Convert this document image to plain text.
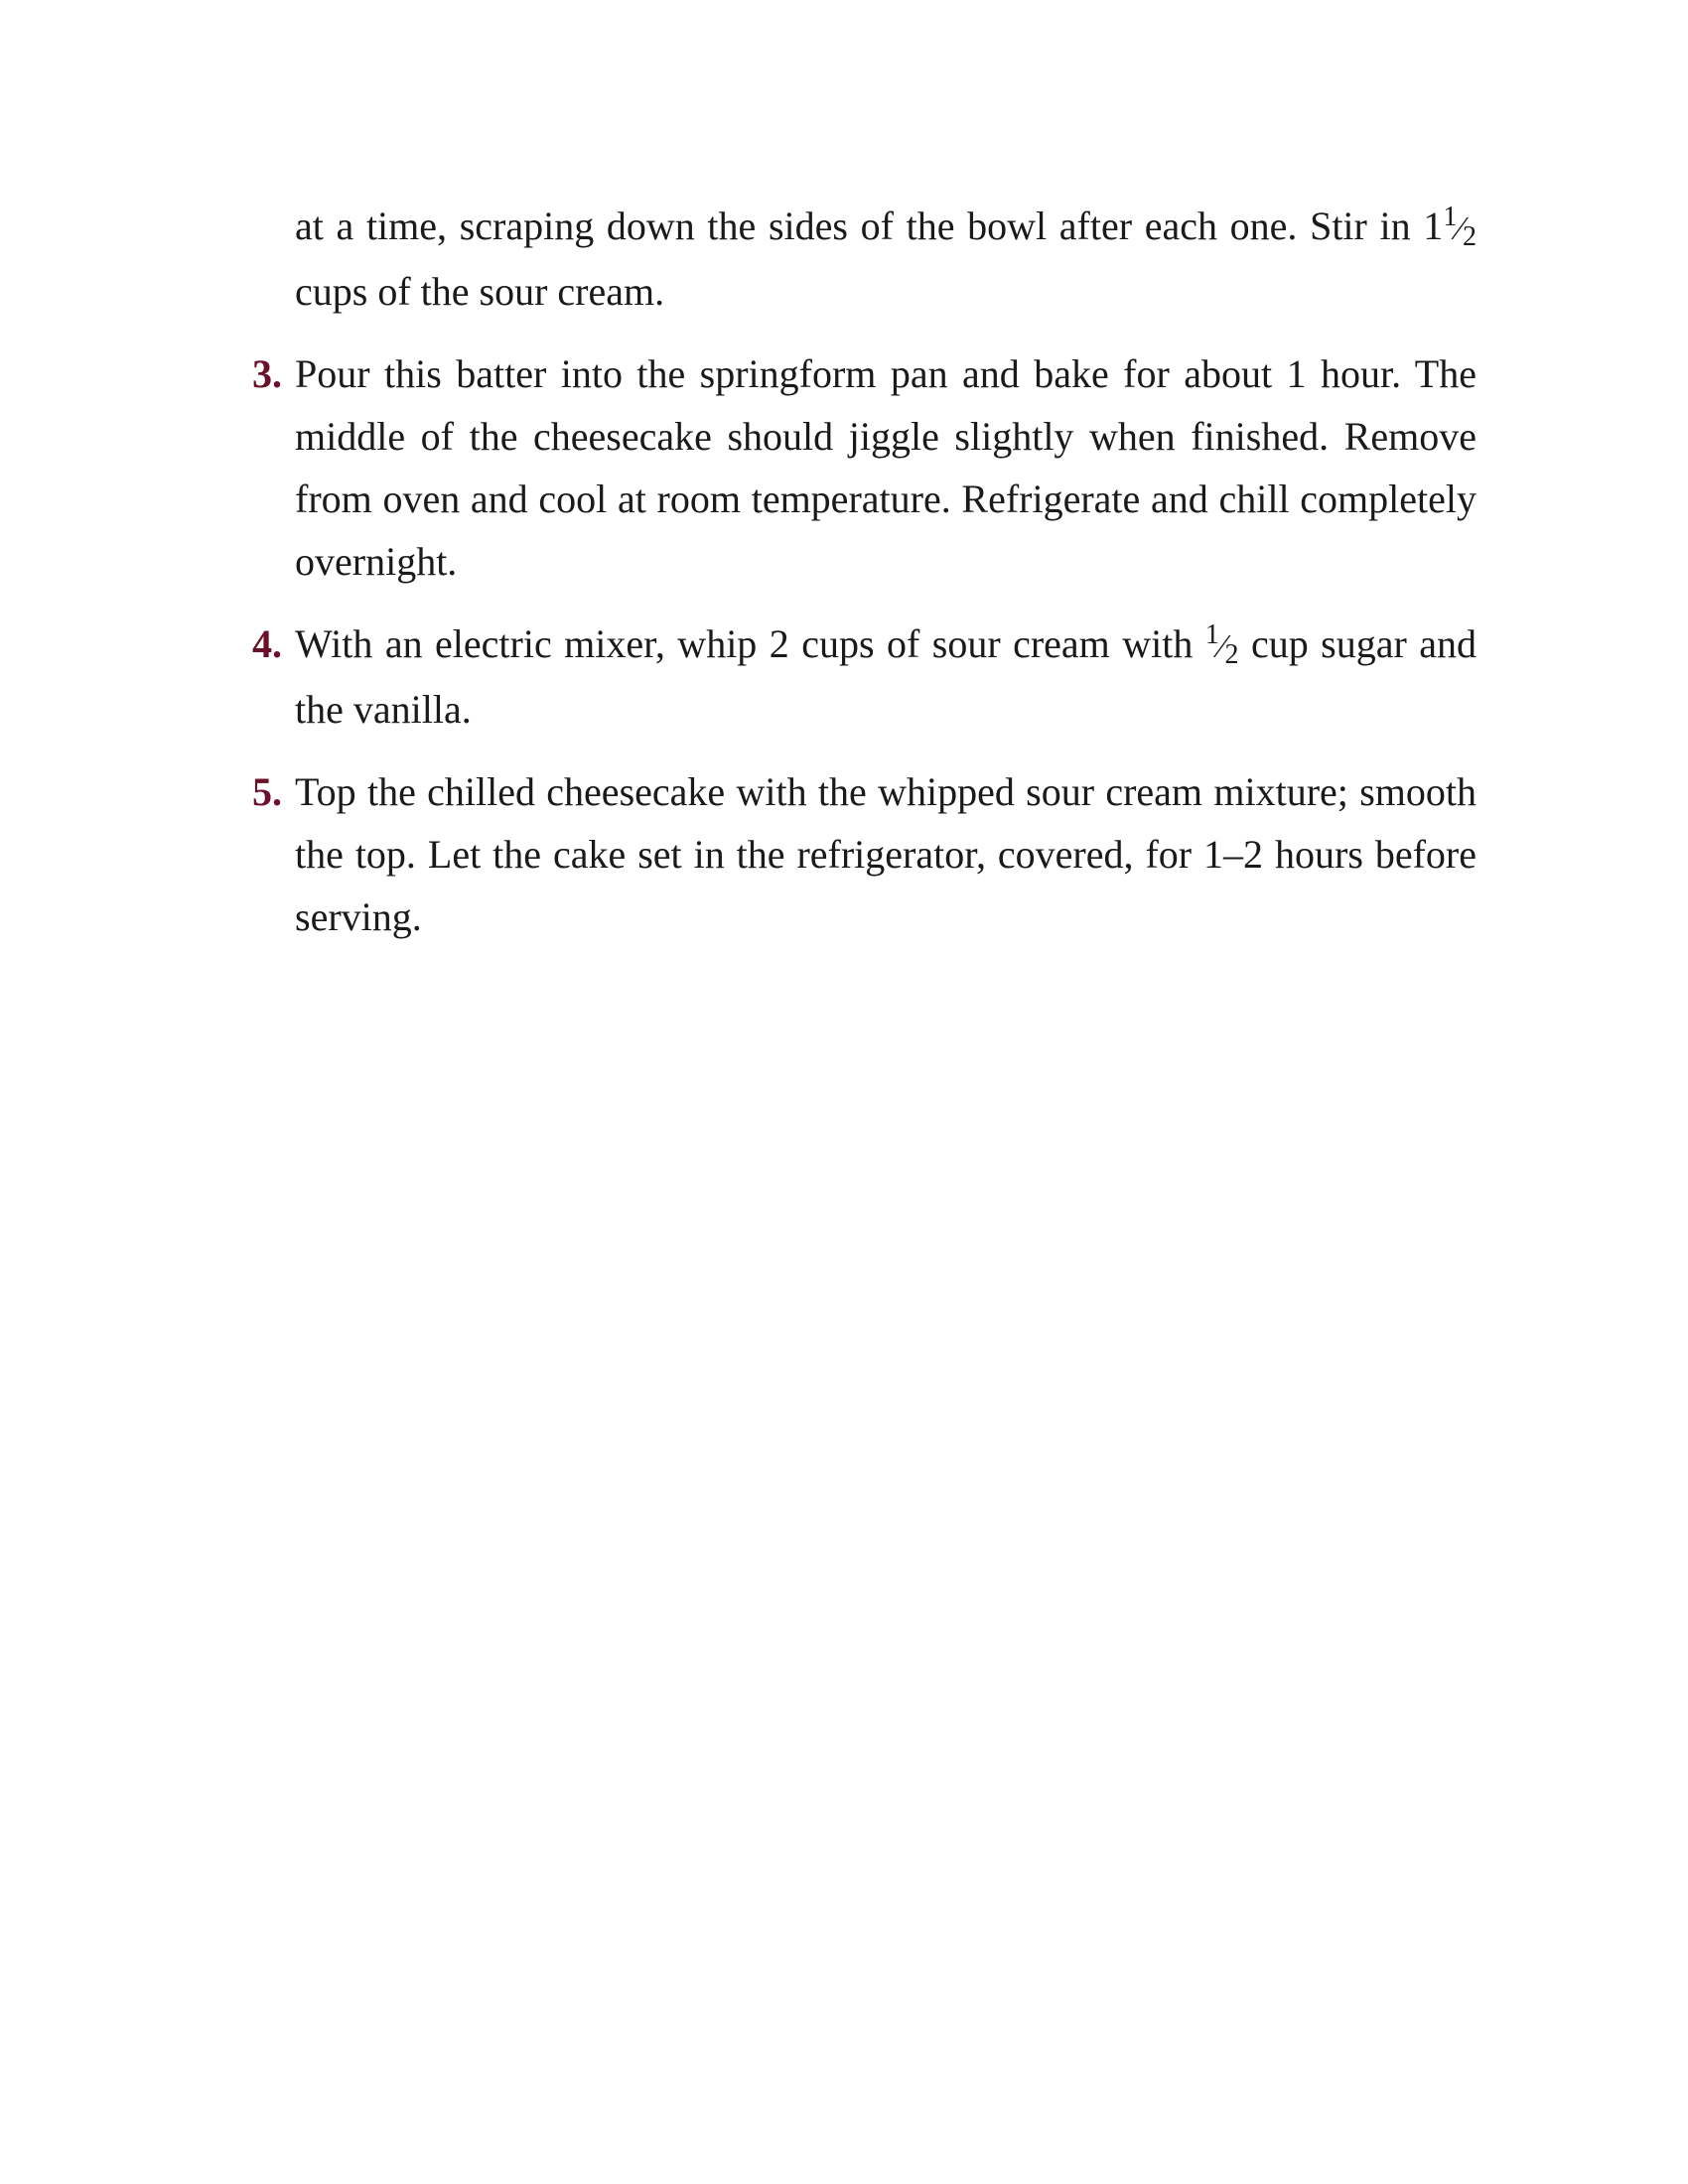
at a time, scraping down the sides of the bowl after each one. Stir in $1^1⁄_2$ cups of the sour cream.

3. Pour this batter into the springform pan and bake for about 1 hour. The middle of the cheesecake should jiggle slightly when finished. Remove from oven and cool at room temperature. Refrigerate and chill completely overnight.

4. With an electric mixer, whip 2 cups of sour cream with $^1⁄_2$ cup sugar and the vanilla.

5. Top the chilled cheesecake with the whipped sour cream mixture; smooth the top. Let the cake set in the refrigerator, covered, for 1–2 hours before serving.
